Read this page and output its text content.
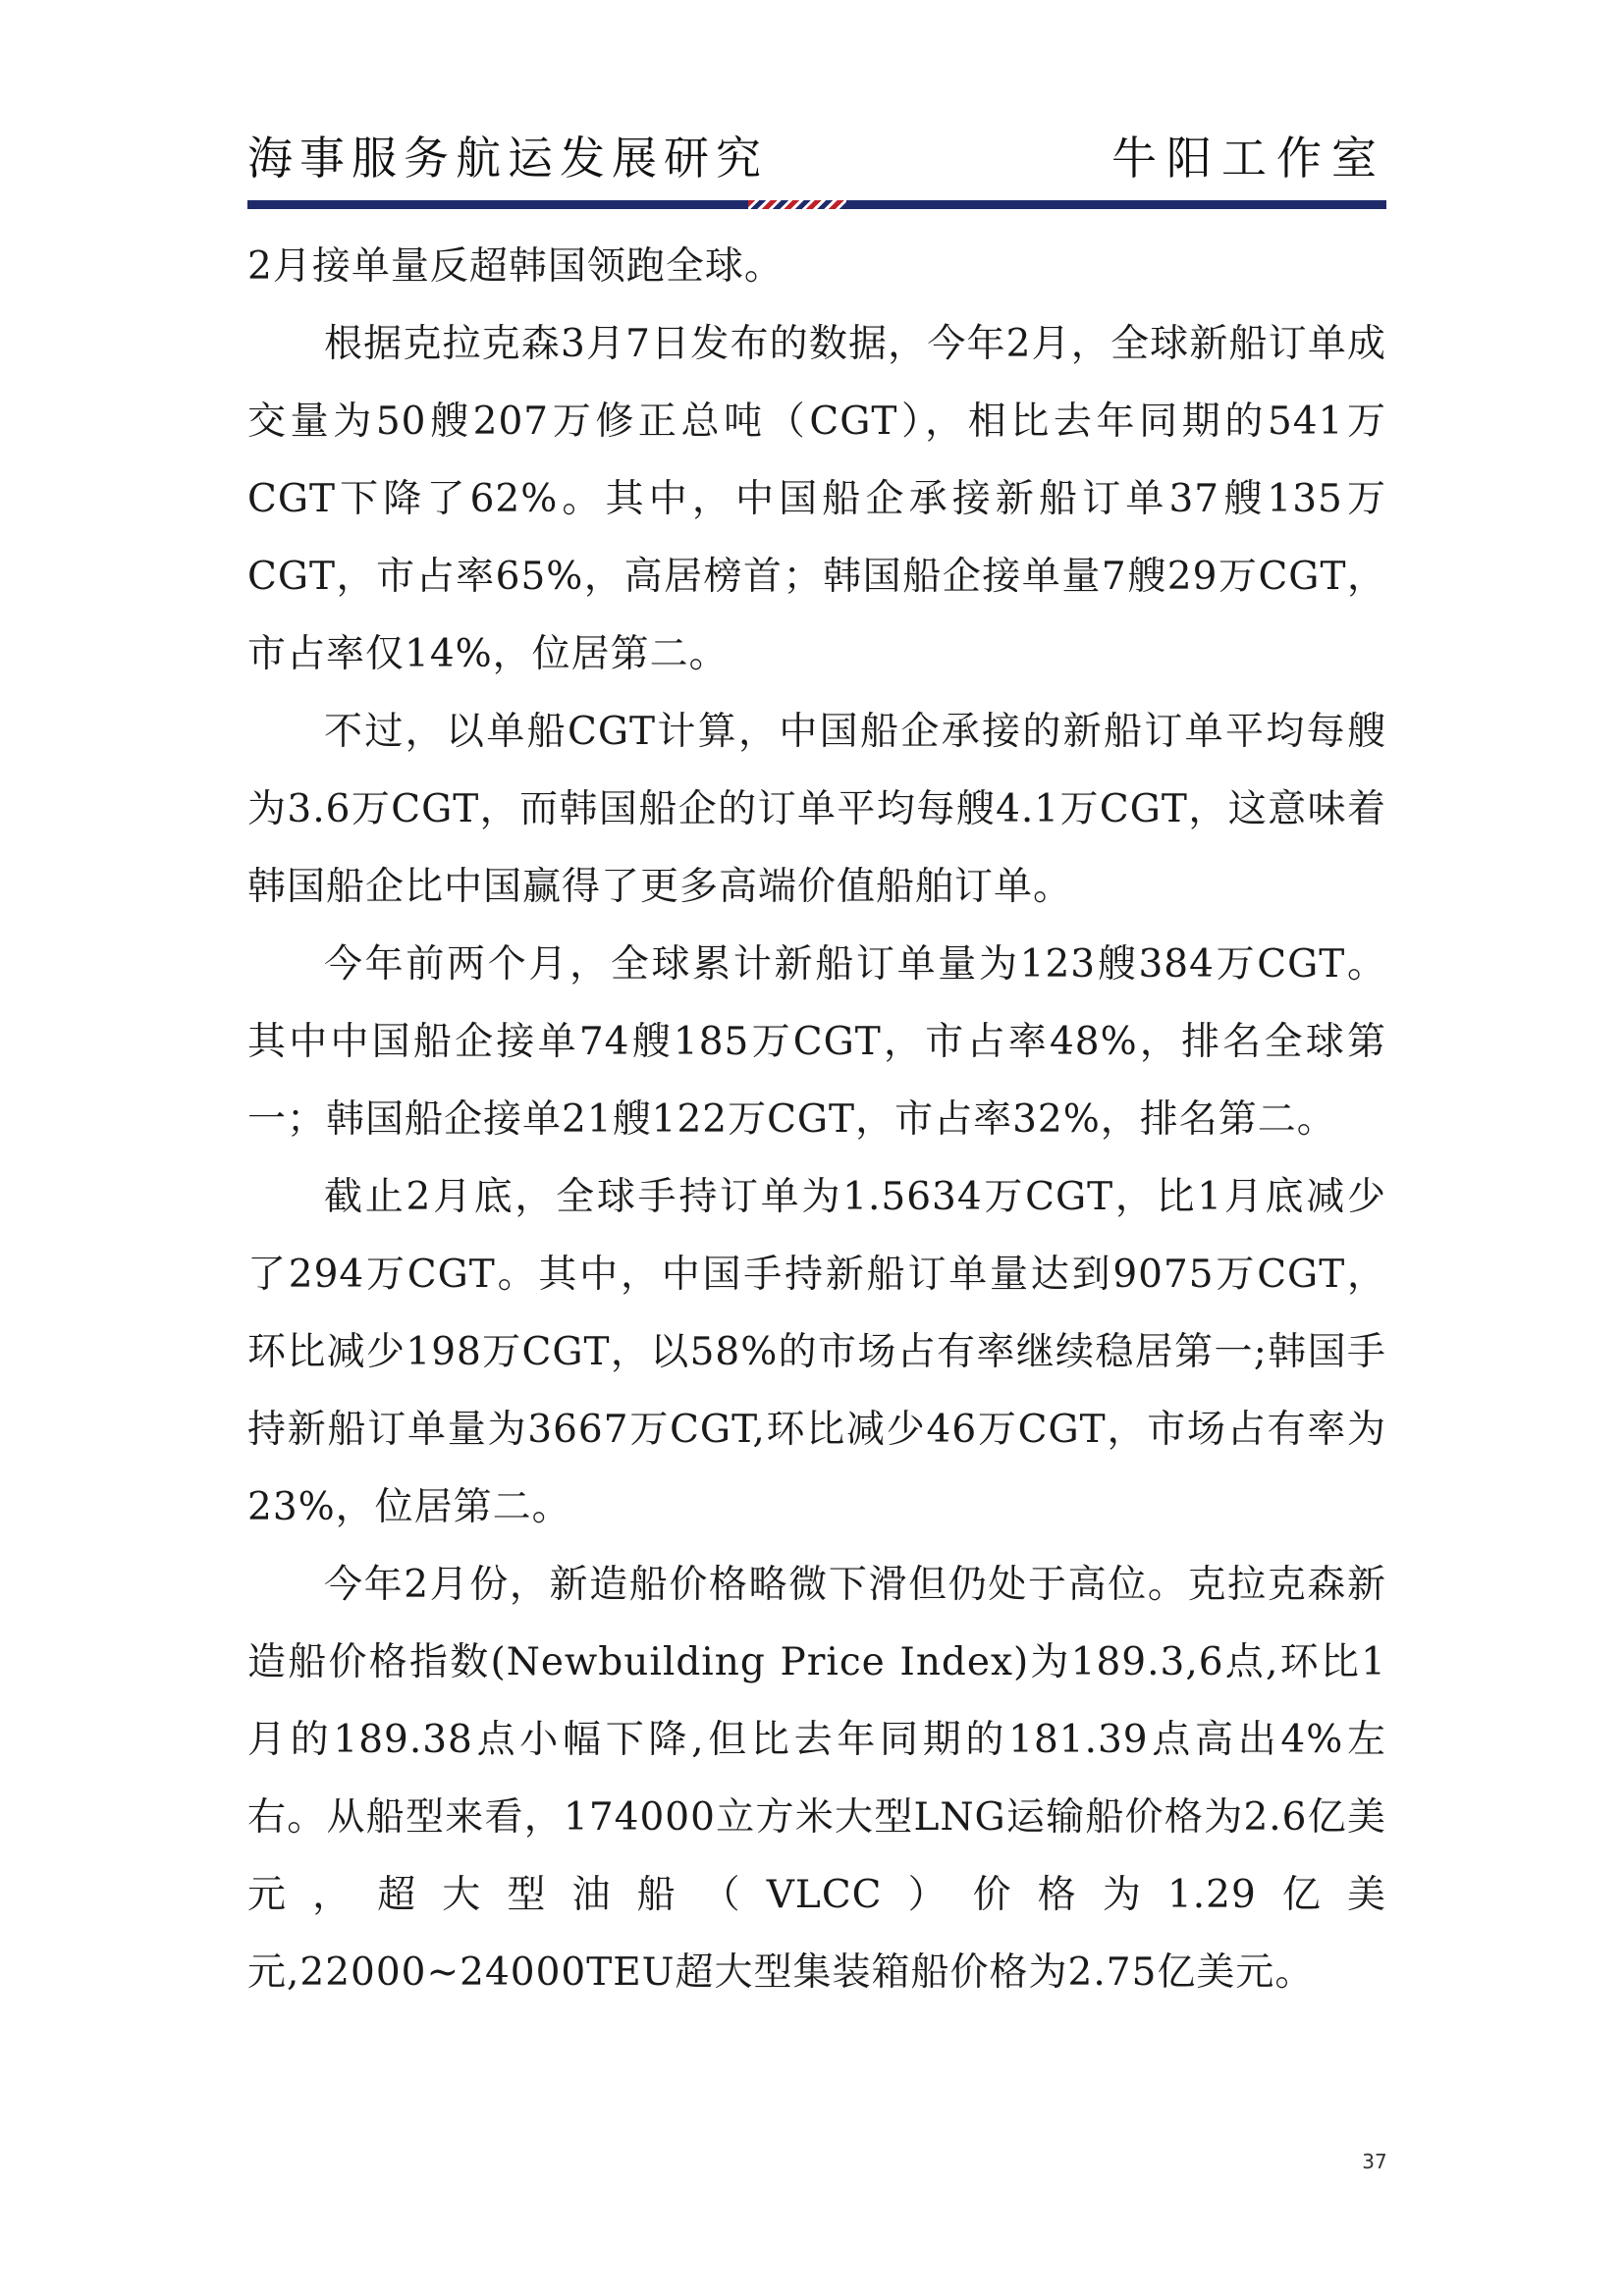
海事服务航运发展研究	牛阳工作室

2月接单量反超韩国领跑全球。

根据克拉克森3月7日发布的数据，今年2月，全球新船订单成交量为50艘207万修正总吨（CGT），相比去年同期的541万CGT下降了62%。其中，中国船企承接新船订单37艘135万CGT，市占率65%，高居榜首；韩国船企接单量7艘29万CGT，市占率仅14%，位居第二。

不过，以单船CGT计算，中国船企承接的新船订单平均每艘为3.6万CGT，而韩国船企的订单平均每艘4.1万CGT，这意味着韩国船企比中国赢得了更多高端价值船舶订单。

今年前两个月，全球累计新船订单量为123艘384万CGT。其中中国船企接单74艘185万CGT，市占率48%，排名全球第一；韩国船企接单21艘122万CGT，市占率32%，排名第二。

截止2月底，全球手持订单为1.5634万CGT，比1月底减少了294万CGT。其中，中国手持新船订单量达到9075万CGT，环比减少198万CGT，以58%的市场占有率继续稳居第一;韩国手持新船订单量为3667万CGT,环比减少46万CGT，市场占有率为23%，位居第二。

今年2月份，新造船价格略微下滑但仍处于高位。克拉克森新造船价格指数(Newbuilding Price Index)为189.3,6点,环比1月的189.38点小幅下降,但比去年同期的181.39点高出4%左右。从船型来看，174000立方米大型LNG运输船价格为2.6亿美元，超大型油船（VLCC）价格为1.29亿美元,22000~24000TEU超大型集装箱船价格为2.75亿美元。

37
